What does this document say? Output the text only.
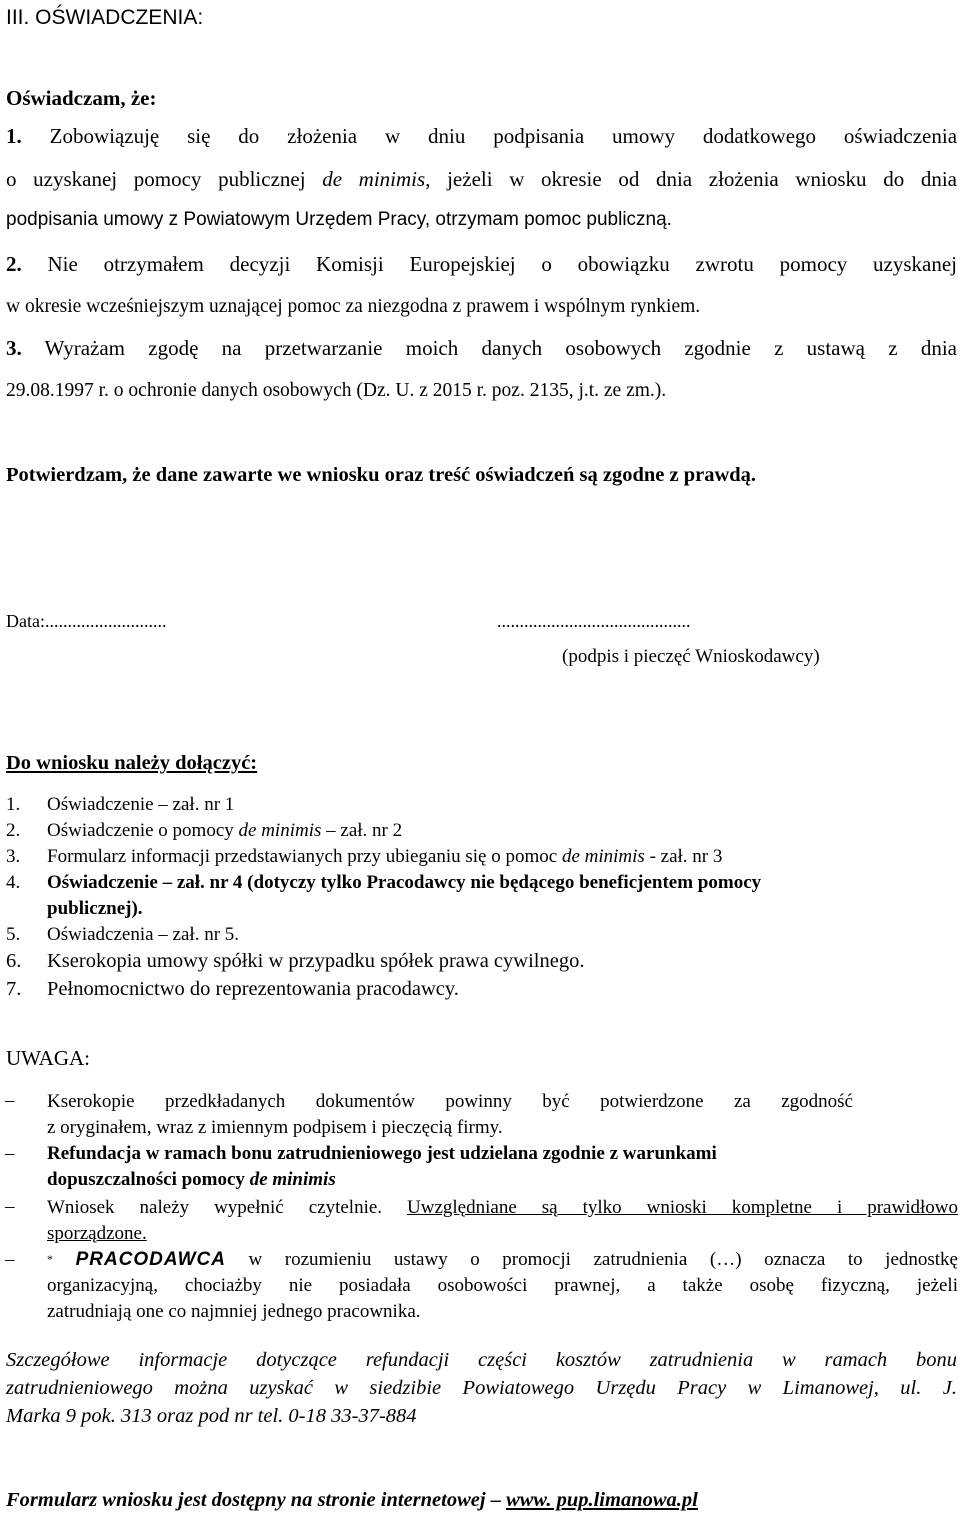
III. OŚWIADCZENIA:
Oświadczam, że:
1. Zobowiązuję się do złożenia w dniu podpisania umowy dodatkowego oświadczenia
o uzyskanej pomocy publicznej de minimis, jeżeli w okresie od dnia złożenia wniosku do dnia
podpisania umowy z Powiatowym Urzędem Pracy, otrzymam pomoc publiczną.
2. Nie otrzymałem decyzji Komisji Europejskiej o obowiązku zwrotu pomocy uzyskanej
w okresie wcześniejszym uznającej pomoc za niezgodna z prawem i wspólnym rynkiem.
3. Wyrażam zgodę na przetwarzanie moich danych osobowych zgodnie z ustawą z dnia
29.08.1997 r. o ochronie danych osobowych (Dz. U. z 2015 r. poz. 2135, j.t. ze zm.).
Potwierdzam, że dane zawarte we wniosku oraz treść oświadczeń są zgodne z prawdą.
Data:...........................	...........................................
(podpis i pieczęć Wnioskodawcy)
Do wniosku należy dołączyć:
1. Oświadczenie – zał. nr 1
2. Oświadczenie o pomocy de minimis – zał. nr 2
3. Formularz informacji przedstawianych przy ubieganiu się o pomoc de minimis - zał. nr 3
4. Oświadczenie – zał. nr 4 (dotyczy tylko Pracodawcy nie będącego beneficjentem pomocy
publicznej).
5. Oświadczenia – zał. nr 5.
6. Kserokopia umowy spółki w przypadku spółek prawa cywilnego.
7. Pełnomocnictwo do reprezentowania pracodawcy.
UWAGA:
– Kserokopie przedkładanych dokumentów powinny być potwierdzone za zgodność
z oryginałem, wraz z imiennym podpisem i pieczęcią firmy.
– Refundacja w ramach bonu zatrudnieniowego jest udzielana zgodnie z warunkami
dopuszczalności pomocy de minimis
– Wniosek należy wypełnić czytelnie. Uwzględniane są tylko wnioski kompletne i prawidłowo
sporządzone.
–	* PRACODAWCA w rozumieniu ustawy o promocji zatrudnienia (…) oznacza to jednostkę
organizacyjną, chociażby nie posiadała osobowości prawnej, a także osobę fizyczną, jeżeli
zatrudniają one co najmniej jednego pracownika.
Szczegółowe informacje dotyczące refundacji części kosztów zatrudnienia w ramach bonu
zatrudnieniowego można uzyskać w siedzibie Powiatowego Urzędu Pracy w Limanowej, ul. J.
Marka 9 pok. 313 oraz pod nr tel. 0-18 33-37-884
Formularz wniosku jest dostępny na stronie internetowej – www. pup.limanowa.pl
